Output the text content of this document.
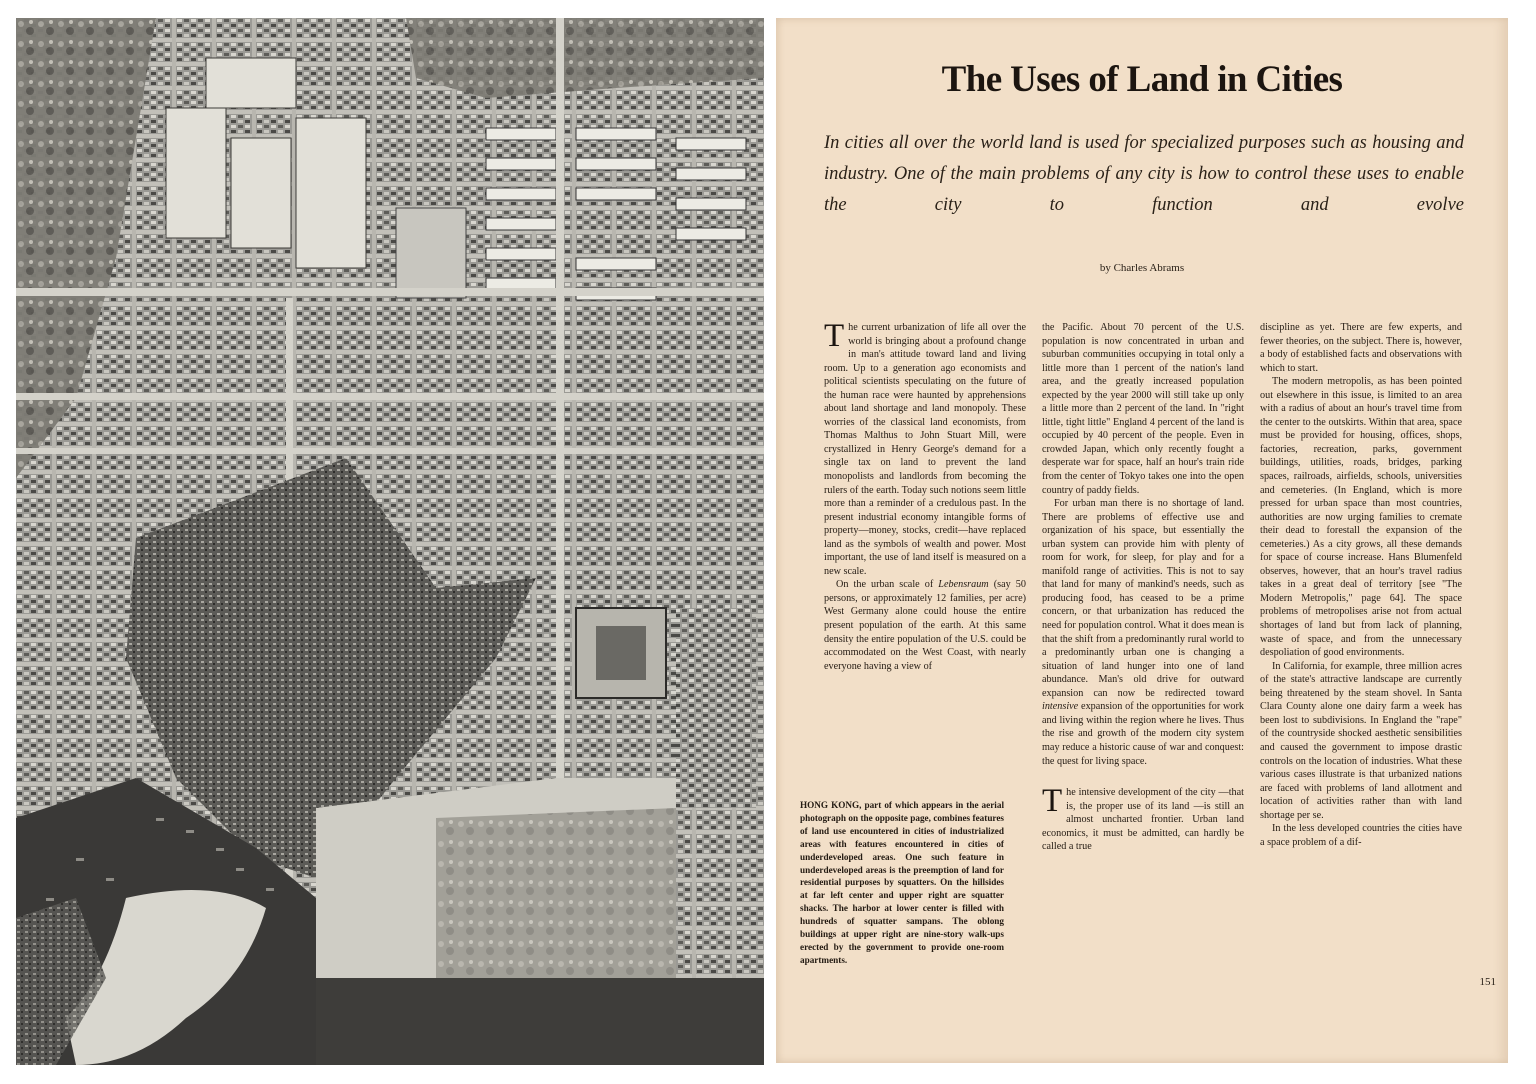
The Uses of Land in Cities
In cities all over the world land is used for specialized purposes such as housing and industry. One of the main problems of any city is how to control these uses to enable the city to function and evolve
by Charles Abrams

The current urbanization of life all over the world is bringing about a profound change in man's attitude toward land and living room. Up to a generation ago economists and political scientists speculating on the future of the human race were haunted by apprehensions about land shortage and land monopoly. These worries of the classical land economists, from Thomas Malthus to John Stuart Mill, were crystallized in Henry George's demand for a single tax on land to prevent the land monopolists and landlords from becoming the rulers of the earth. Today such notions seem little more than a reminder of a credulous past. In the present industrial economy intangible forms of property—money, stocks, credit—have replaced land as the symbols of wealth and power. Most important, the use of land itself is measured on a new scale.

On the urban scale of Lebensraum (say 50 persons, or approximately 12 families, per acre) West Germany alone could house the entire present population of the earth. At this same density the entire population of the U.S. could be accommodated on the West Coast, with nearly everyone having a view of

HONG KONG, part of which appears in the aerial photograph on the opposite page, combines features of land use encountered in cities of industrialized areas with features encountered in cities of underdeveloped areas. One such feature in underdeveloped areas is the preemption of land for residential purposes by squatters. On the hillsides at far left center and upper right are squatter shacks. The harbor at lower center is filled with hundreds of squatter sampans. The oblong buildings at upper right are nine-story walk-ups erected by the government to provide one-room apartments.

the Pacific. About 70 percent of the U.S. population is now concentrated in urban and suburban communities occupying in total only a little more than 1 percent of the nation's land area, and the greatly increased population expected by the year 2000 will still take up only a little more than 2 percent of the land. In "right little, tight little" England 4 percent of the land is occupied by 40 percent of the people. Even in crowded Japan, which only recently fought a desperate war for space, half an hour's train ride from the center of Tokyo takes one into the open country of paddy fields.

For urban man there is no shortage of land. There are problems of effective use and organization of his space, but essentially the urban system can provide him with plenty of room for work, for sleep, for play and for a manifold range of activities. This is not to say that land for many of mankind's needs, such as producing food, has ceased to be a prime concern, or that urbanization has reduced the need for population control. What it does mean is that the shift from a predominantly rural world to a predominantly urban one is changing a situation of land hunger into one of land abundance. Man's old drive for outward expansion can now be redirected toward intensive expansion of the opportunities for work and living within the region where he lives. Thus the rise and growth of the modern city system may reduce a historic cause of war and conquest: the quest for living space.

The intensive development of the city —that is, the proper use of its land —is still an almost uncharted frontier. Urban land economics, it must be admitted, can hardly be called a true

discipline as yet. There are few experts, and fewer theories, on the subject. There is, however, a body of established facts and observations with which to start.

The modern metropolis, as has been pointed out elsewhere in this issue, is limited to an area with a radius of about an hour's travel time from the center to the outskirts. Within that area, space must be provided for housing, offices, shops, factories, recreation, parks, government buildings, utilities, roads, bridges, parking spaces, railroads, airfields, schools, universities and cemeteries. (In England, which is more pressed for urban space than most countries, authorities are now urging families to cremate their dead to forestall the expansion of the cemeteries.) As a city grows, all these demands for space of course increase. Hans Blumenfeld observes, however, that an hour's travel radius takes in a great deal of territory [see "The Modern Metropolis," page 64]. The space problems of metropolises arise not from actual shortages of land but from lack of planning, waste of space, and from the unnecessary despoliation of good environments.

In California, for example, three million acres of the state's attractive landscape are currently being threatened by the steam shovel. In Santa Clara County alone one dairy farm a week has been lost to subdivisions. In England the "rape" of the countryside shocked aesthetic sensibilities and caused the government to impose drastic controls on the location of industries. What these various cases illustrate is that urbanized nations are faced with problems of land allotment and location of activities rather than with land shortage per se.

In the less developed countries the cities have a space problem of a dif-

151
